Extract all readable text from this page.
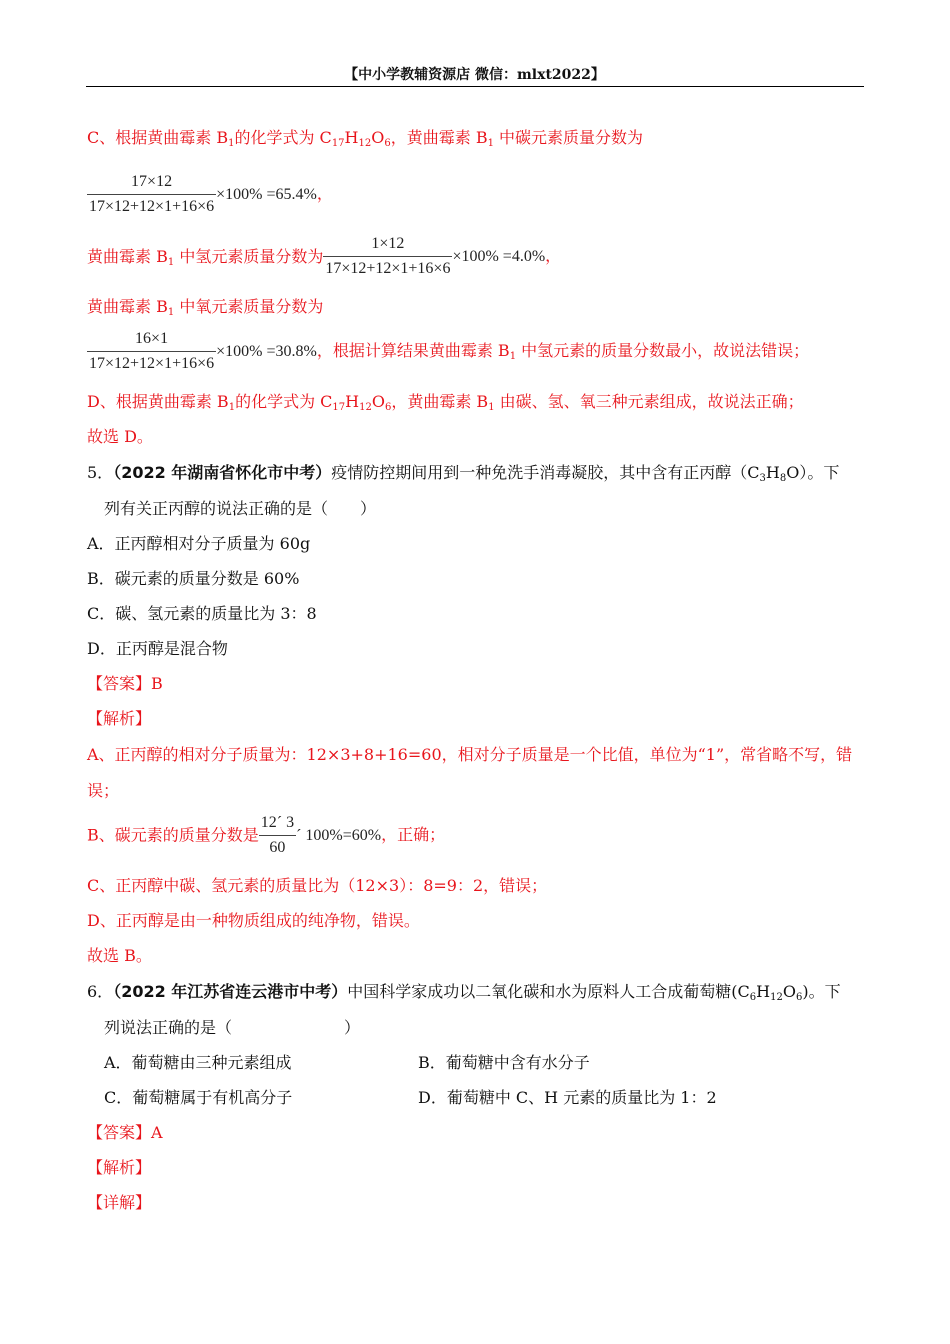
【中小学教辅资源店 微信：mlxt2022】
C、根据黄曲霉素 $B_1$的化学式为 $C_{17}H_{12}O_6$，黄曲霉素 $B_1$ 中碳元素质量分数为
$\frac{17\times 12}{17\times 12+12\times 1+16\times 6} \times 100\% =65.4\%$，
黄曲霉素 $B_1$ 中氢元素质量分数为 $\frac{1\times 12}{17\times 12+12\times 1+16\times 6} \times 100\% =4.0\%$，
黄曲霉素 $B_1$ 中氧元素质量分数为
$\frac{16\times 1}{17\times 12+12\times 1+16\times 6} \times 100\% =30.8\%$，根据计算结果黄曲霉素 $B_1$ 中氢元素的质量分数最小，故说法错误；
D、根据黄曲霉素 $B_1$的化学式为 $C_{17}H_{12}O_6$，黄曲霉素 $B_1$ 由碳、氢、氧三种元素组成，故说法正确；
故选 D。
5．（2022 年湖南省怀化市中考）疫情防控期间用到一种免洗手消毒凝胶，其中含有正丙醇$(C_3H_8O)$。下
列有关正丙醇的说法正确的是（　　）
A．正丙醇相对分子质量为 60g
B．碳元素的质量分数是 60%
C．碳、氢元素的质量比为 3：8
D．正丙醇是混合物
【答案】B
【解析】
A、正丙醇的相对分子质量为：12×3+8+16=60，相对分子质量是一个比值，单位为“1”，常省略不写，错
误；
B、碳元素的质量分数是 $\frac{12´ 3}{60}$ ´ 100%=60%，正确；
C、正丙醇中碳、氢元素的质量比为（12×3）：8=9：2，错误；
D、正丙醇是由一种物质组成的纯净物，错误。
故选 B。
6．（2022 年江苏省连云港市中考）中国科学家成功以二氧化碳和水为原料人工合成葡萄糖$(C_6H_{12}O_6)$。下
列说法正确的是（　　　　　　　）
A．葡萄糖由三种元素组成	B．葡萄糖中含有水分子
C．葡萄糖属于有机高分子	D．葡萄糖中 C、H 元素的质量比为 1：2
【答案】A
【解析】
【详解】
